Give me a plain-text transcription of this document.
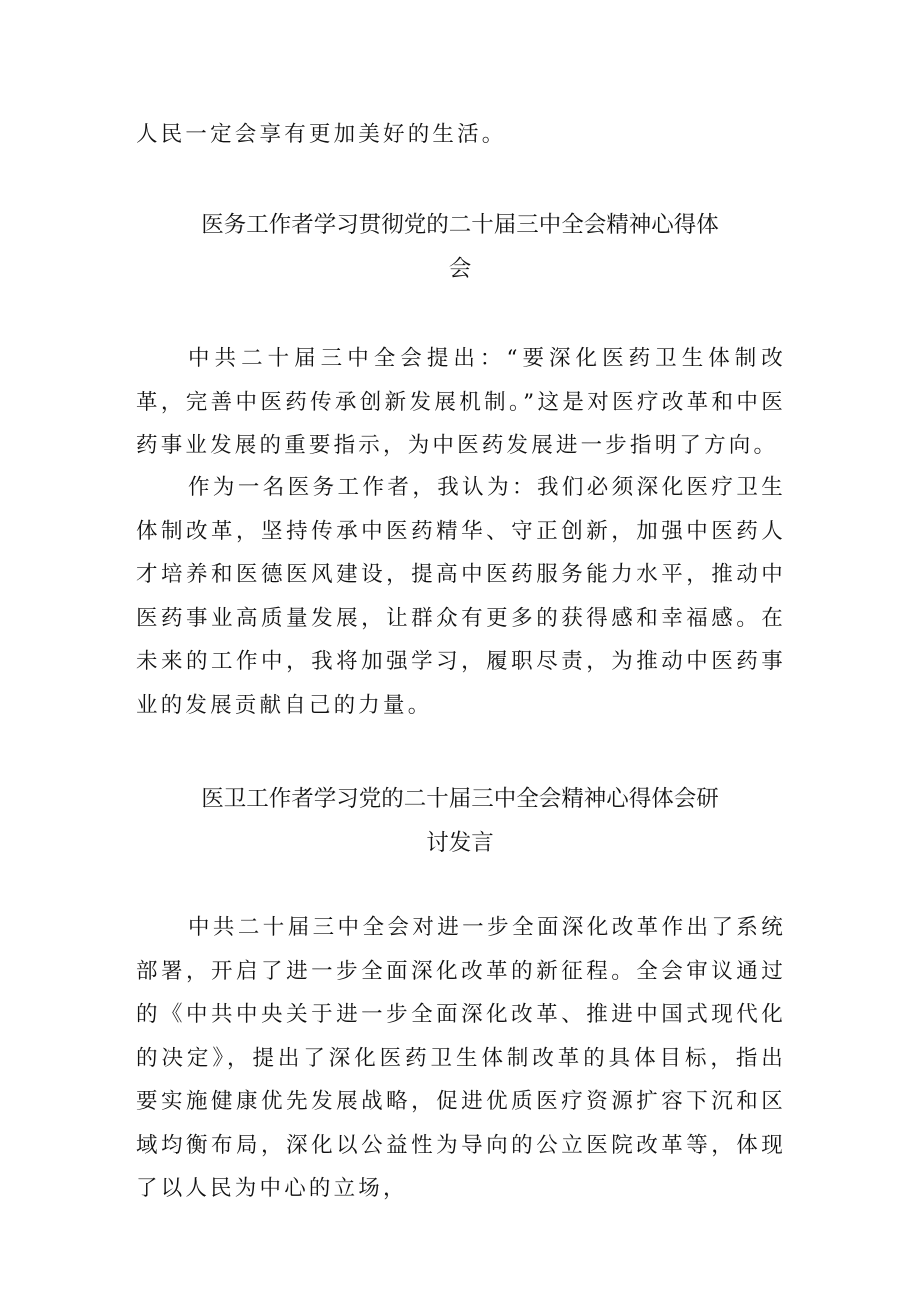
人民一定会享有更加美好的生活。

医务工作者学习贯彻党的二十届三中全会精神心得体
会

中共二十届三中全会提出：“要深化医药卫生体制改革，完善中医药传承创新发展机制。”这是对医疗改革和中医药事业发展的重要指示，为中医药发展进一步指明了方向。

作为一名医务工作者，我认为：我们必须深化医疗卫生体制改革，坚持传承中医药精华、守正创新，加强中医药人才培养和医德医风建设，提高中医药服务能力水平，推动中医药事业高质量发展，让群众有更多的获得感和幸福感。在未来的工作中，我将加强学习，履职尽责，为推动中医药事业的发展贡献自己的力量。

医卫工作者学习党的二十届三中全会精神心得体会研
讨发言

中共二十届三中全会对进一步全面深化改革作出了系统部署，开启了进一步全面深化改革的新征程。全会审议通过的《中共中央关于进一步全面深化改革、推进中国式现代化的决定》，提出了深化医药卫生体制改革的具体目标，指出要实施健康优先发展战略，促进优质医疗资源扩容下沉和区域均衡布局，深化以公益性为导向的公立医院改革等，体现了以人民为中心的立场，
